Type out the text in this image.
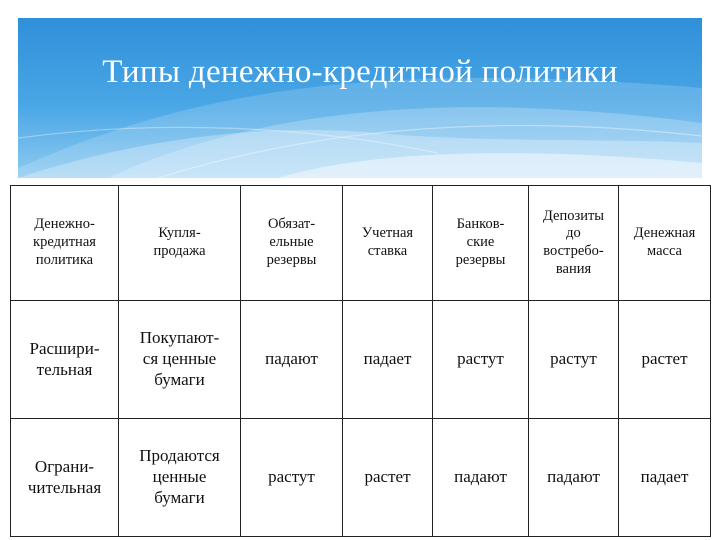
Типы денежно-кредитной политики
Денежно-
кредитная
политика	Купля-
продажа	Обязат-
ельные
резервы	Учетная
ставка	Банков-
ские
резервы	Депозиты
до
востребо-
вания	Денежная
масса
Расшири-
тельная	Покупают-
ся ценные
бумаги	падают	падает	растут	растут	растет
Ограни-
чительная	Продаются
ценные
бумаги	растут	растет	падают	падают	падает
